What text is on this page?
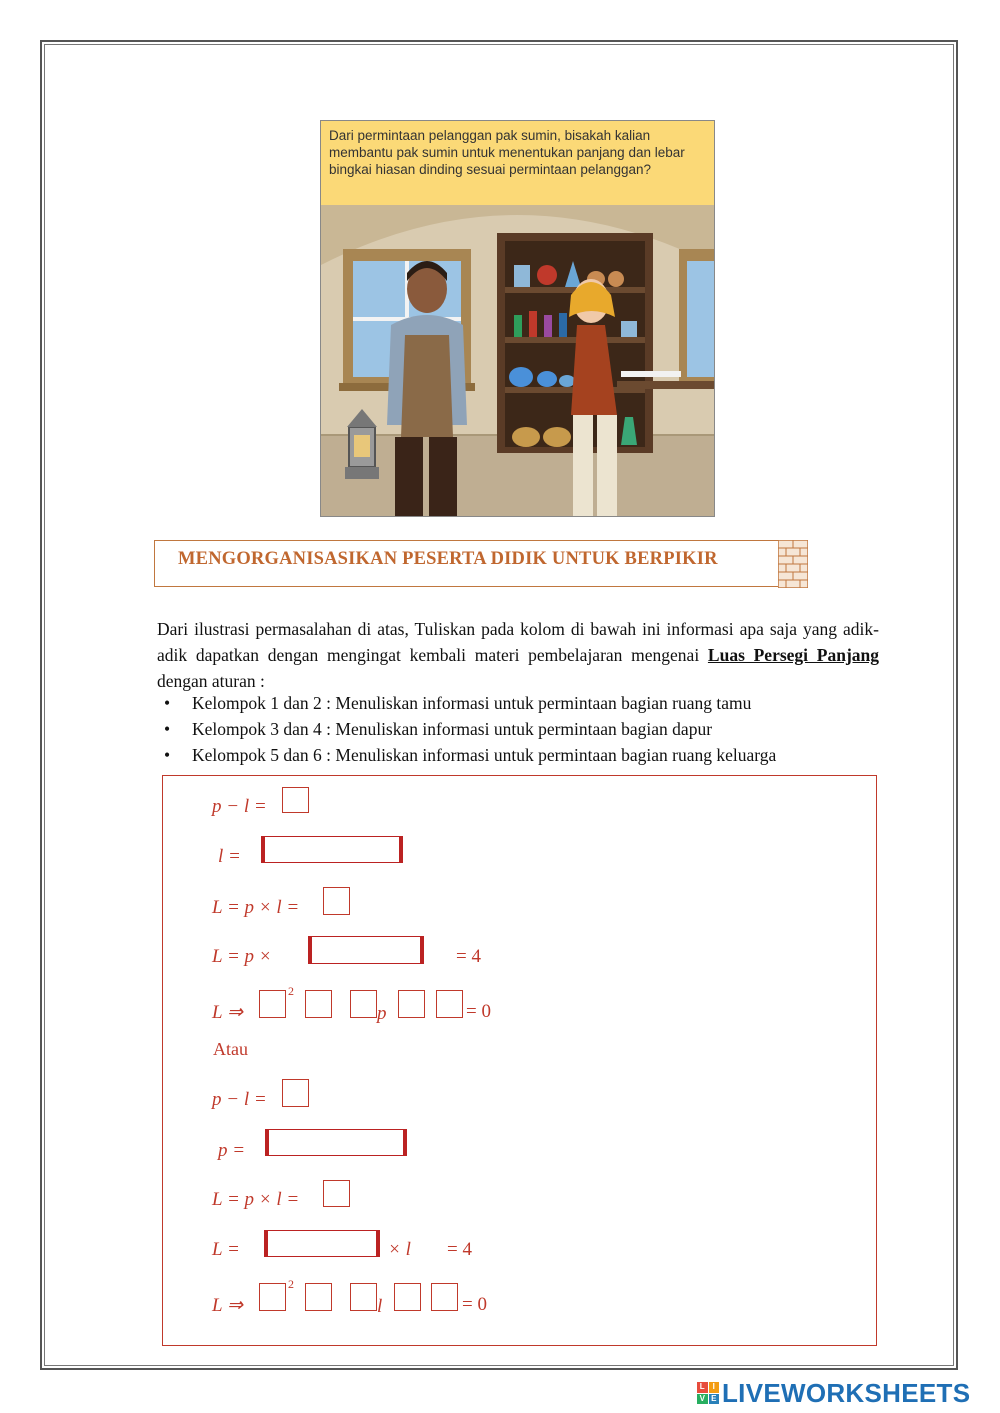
Dari permintaan pelanggan pak sumin, bisakah kalian membantu pak sumin untuk menentukan panjang dan lebar bingkai hiasan dinding sesuai permintaan pelanggan?
MENGORGANISASIKAN PESERTA DIDIK UNTUK BERPIKIR
Dari ilustrasi permasalahan di atas, Tuliskan pada kolom di bawah ini informasi apa saja yang adik-adik dapatkan dengan mengingat kembali materi pembelajaran mengenai Luas Persegi Panjang dengan aturan :
• Kelompok 1 dan 2 : Menuliskan informasi untuk permintaan bagian ruang tamu
• Kelompok 3 dan 4 : Menuliskan informasi untuk permintaan bagian dapur
• Kelompok 5 dan 6 : Menuliskan informasi untuk permintaan bagian ruang keluarga
p − l =
l =
L = p × l =
L = p ×	= 4
L ⇒
2
p	= 0
Atau
p − l =
p =
L = p × l =
L =	× l = 4
L ⇒
2
l	= 0
L I
V E LIVEWORKSHEETS
